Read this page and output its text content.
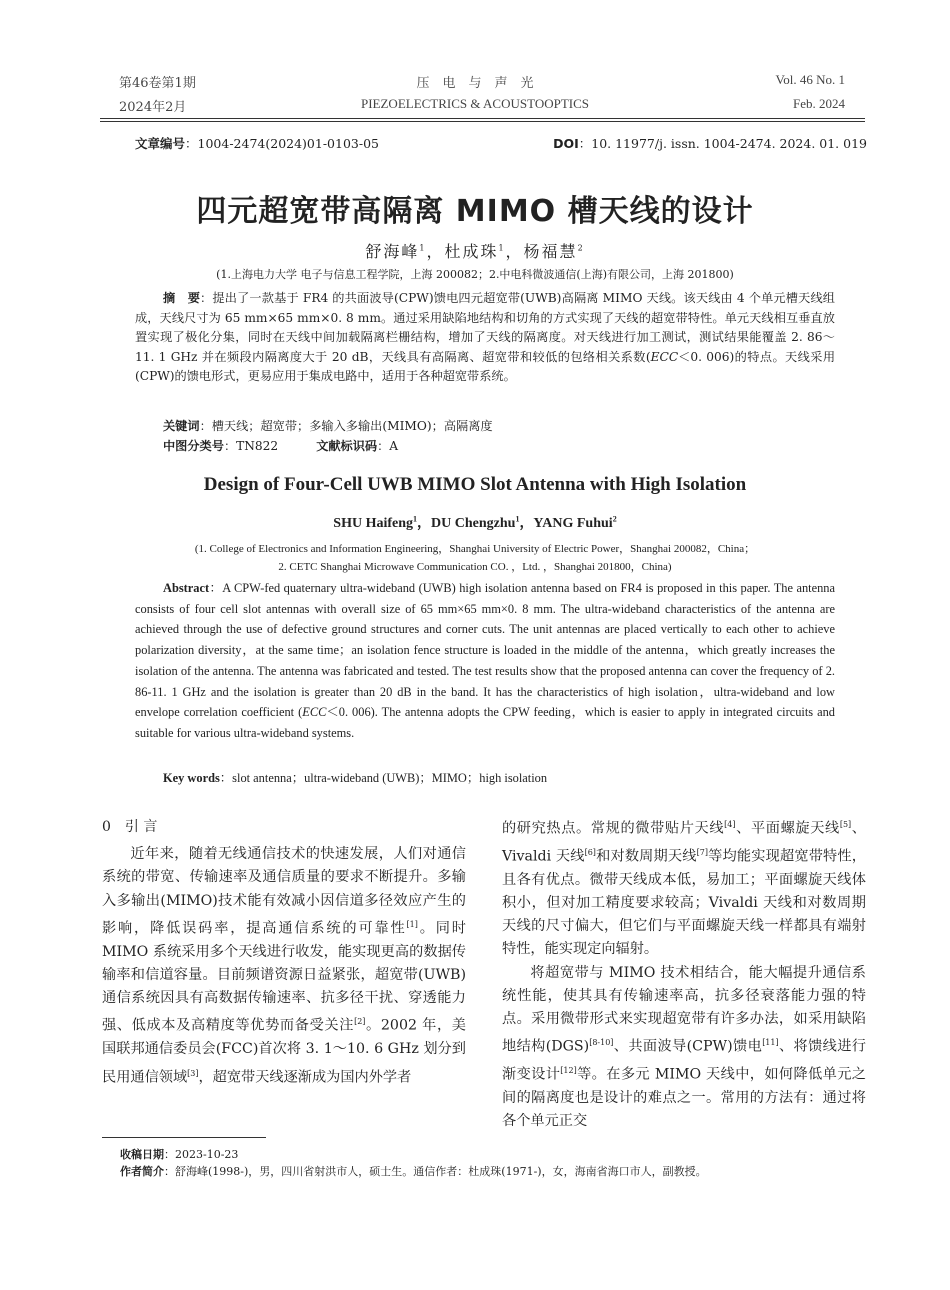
第46卷第1期
2024年2月
压　电　与　声　光
PIEZOELECTRICS & ACOUSTOOPTICS
Vol. 46 No. 1
Feb. 2024
文章编号：1004-2474(2024)01-0103-05	DOI：10. 11977/j. issn. 1004-2474. 2024. 01. 019
四元超宽带高隔离 MIMO 槽天线的设计
舒海峰$^1$，杜成珠$^1$，杨福慧$^2$
(1.上海电力大学 电子与信息工程学院，上海 200082；2.中电科微波通信(上海)有限公司，上海 201800)
摘　要：提出了一款基于 FR4 的共面波导(CPW)馈电四元超宽带(UWB)高隔离 MIMO 天线。该天线由 4 个单元槽天线组成，天线尺寸为 65 mm×65 mm×0. 8 mm。通过采用缺陷地结构和切角的方式实现了天线的超宽带特性。单元天线相互垂直放置实现了极化分集，同时在天线中间加载隔离栏栅结构，增加了天线的隔离度。对天线进行加工测试，测试结果能覆盖 2. 86～11. 1 GHz 并在频段内隔离度大于 20 dB，天线具有高隔离、超宽带和较低的包络相关系数(ECC＜0. 006)的特点。天线采用(CPW)的馈电形式，更易应用于集成电路中，适用于各种超宽带系统。
关键词：槽天线；超宽带；多输入多输出(MIMO)；高隔离度
中图分类号：TN822	文献标识码：A
Design of Four-Cell UWB MIMO Slot Antenna with High Isolation
SHU Haifeng$^1$，DU Chengzhu$^1$，YANG Fuhui$^2$
(1. College of Electronics and Information Engineering，Shanghai University of Electric Power，Shanghai 200082，China；
2. CETC Shanghai Microwave Communication CO. ，Ltd. ，Shanghai 201800，China)
Abstract：A CPW-fed quaternary ultra-wideband (UWB) high isolation antenna based on FR4 is proposed in this paper. The antenna consists of four cell slot antennas with overall size of 65 mm×65 mm×0. 8 mm. The ultra-wideband characteristics of the antenna are achieved through the use of defective ground structures and corner cuts. The unit antennas are placed vertically to each other to achieve polarization diversity，at the same time；an isolation fence structure is loaded in the middle of the antenna，which greatly increases the isolation of the antenna. The antenna was fabricated and tested. The test results show that the proposed antenna can cover the frequency of 2. 86-11. 1 GHz and the isolation is greater than 20 dB in the band. It has the characteristics of high isolation，ultra-wideband and low envelope correlation coefficient (ECC＜0. 006). The antenna adopts the CPW feeding，which is easier to apply in integrated circuits and suitable for various ultra-wideband systems.
Key words：slot antenna；ultra-wideband (UWB)；MIMO；high isolation
0　引 言

近年来，随着无线通信技术的快速发展，人们对通信系统的带宽、传输速率及通信质量的要求不断提升。多输入多输出(MIMO)技术能有效减小因信道多径效应产生的影响，降低误码率，提高通信系统的可靠性[1]。同时 MIMO 系统采用多个天线进行收发，能实现更高的数据传输率和信道容量。目前频谱资源日益紧张，超宽带(UWB)通信系统因具有高数据传输速率、抗多径干扰、穿透能力强、低成本及高精度等优势而备受关注[2]。2002 年，美国联邦通信委员会(FCC)首次将 3. 1～10. 6 GHz 划分到民用通信领域[3]，超宽带天线逐渐成为国内外学者

的研究热点。常规的微带贴片天线[4]、平面螺旋天线[5]、Vivaldi 天线[6]和对数周期天线[7]等均能实现超宽带特性，且各有优点。微带天线成本低，易加工；平面螺旋天线体积小，但对加工精度要求较高；Vivaldi 天线和对数周期天线的尺寸偏大，但它们与平面螺旋天线一样都具有端射特性，能实现定向辐射。

将超宽带与 MIMO 技术相结合，能大幅提升通信系统性能，使其具有传输速率高，抗多径衰落能力强的特点。采用微带形式来实现超宽带有许多办法，如采用缺陷地结构(DGS)[8-10]、共面波导(CPW)馈电[11]、将馈线进行渐变设计[12]等。在多元 MIMO 天线中，如何降低单元之间的隔离度也是设计的难点之一。常用的方法有：通过将各个单元正交

收稿日期：2023-10-23
作者简介：舒海峰(1998-)，男，四川省射洪市人，硕士生。通信作者：杜成珠(1971-)，女，海南省海口市人，副教授。
